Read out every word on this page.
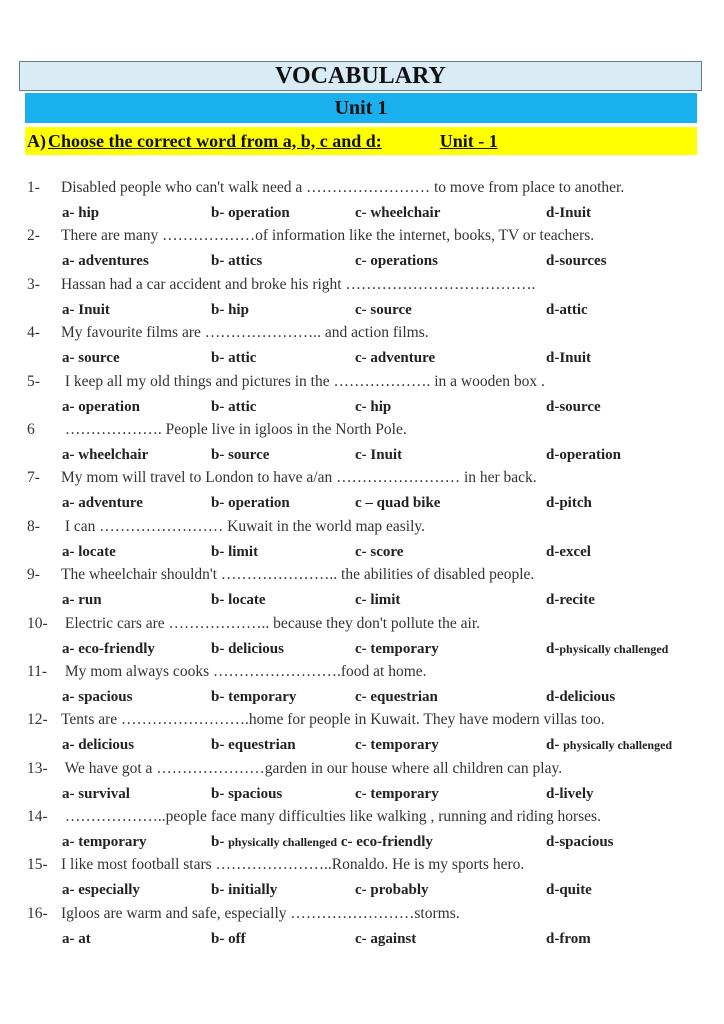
VOCABULARY
Unit 1
A) Choose the correct word from a, b, c and d:	Unit - 1
1- Disabled people who can't walk need a …………………… to move from place to another.
a- hip	b- operation	c- wheelchair	d-Inuit
2- There are many ………………of information like the internet, books, TV or teachers.
a- adventures	b- attics	c- operations	d-sources
3- Hassan had a car accident and broke his right ……………………………….
a- Inuit	b- hip	c- source	d-attic
4- My favourite films are ………………….. and action films.
a- source	b- attic	c- adventure	d-Inuit
5- I keep all my old things and pictures in the ………………. in a wooden box .
a- operation	b- attic	c- hip	d-source
6 ………………. People live in igloos in the North Pole.
a- wheelchair	b- source	c- Inuit	d-operation
7- My mom will travel to London to have a/an …………………… in her back.
a- adventure	b- operation	c – quad bike	d-pitch
8- I can …………………… Kuwait in the world map easily.
a- locate	b- limit	c- score	d-excel
9- The wheelchair shouldn't ………………….. the abilities of disabled people.
a- run	b- locate	c- limit	d-recite
10- Electric cars are ……………….. because they don't pollute the air.
a- eco-friendly	b- delicious	c- temporary	d-physically challenged
11- My mom always cooks …………………….food at home.
a- spacious	b- temporary	c- equestrian	d-delicious
12- Tents are …………………….home for people in Kuwait. They have modern villas too.
a- delicious	b- equestrian	c- temporary	d- physically challenged
13- We have got a …………………garden in our house where all children can play.
a- survival	b- spacious	c- temporary	d-lively
14- ………………..people face many difficulties like walking , running and riding horses.
a- temporary	b- physically challenged c- eco-friendly	d-spacious
15- I like most football stars …………………..Ronaldo. He is my sports hero.
a- especially	b- initially	c- probably	d-quite
16- Igloos are warm and safe, especially ……………………storms.
a- at	b- off	c- against	d-from
